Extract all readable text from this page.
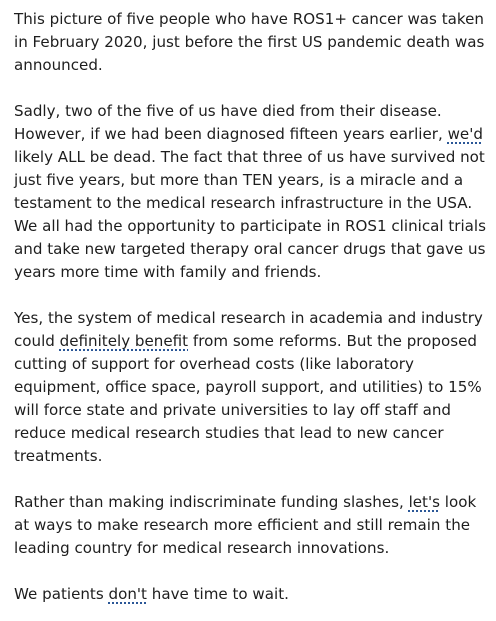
This picture of five people who have ROS1+ cancer was taken in February 2020, just before the first US pandemic death was announced.

Sadly, two of the five of us have died from their disease. However, if we had been diagnosed fifteen years earlier, we'd likely ALL be dead. The fact that three of us have survived not just five years, but more than TEN years, is a miracle and a testament to the medical research infrastructure in the USA. We all had the opportunity to participate in ROS1 clinical trials and take new targeted therapy oral cancer drugs that gave us years more time with family and friends.

Yes, the system of medical research in academia and industry could definitely benefit from some reforms. But the proposed cutting of support for overhead costs (like laboratory equipment, office space, payroll support, and utilities) to 15% will force state and private universities to lay off staff and reduce medical research studies that lead to new cancer treatments.

Rather than making indiscriminate funding slashes, let's look at ways to make research more efficient and still remain the leading country for medical research innovations.

We patients don't have time to wait.
